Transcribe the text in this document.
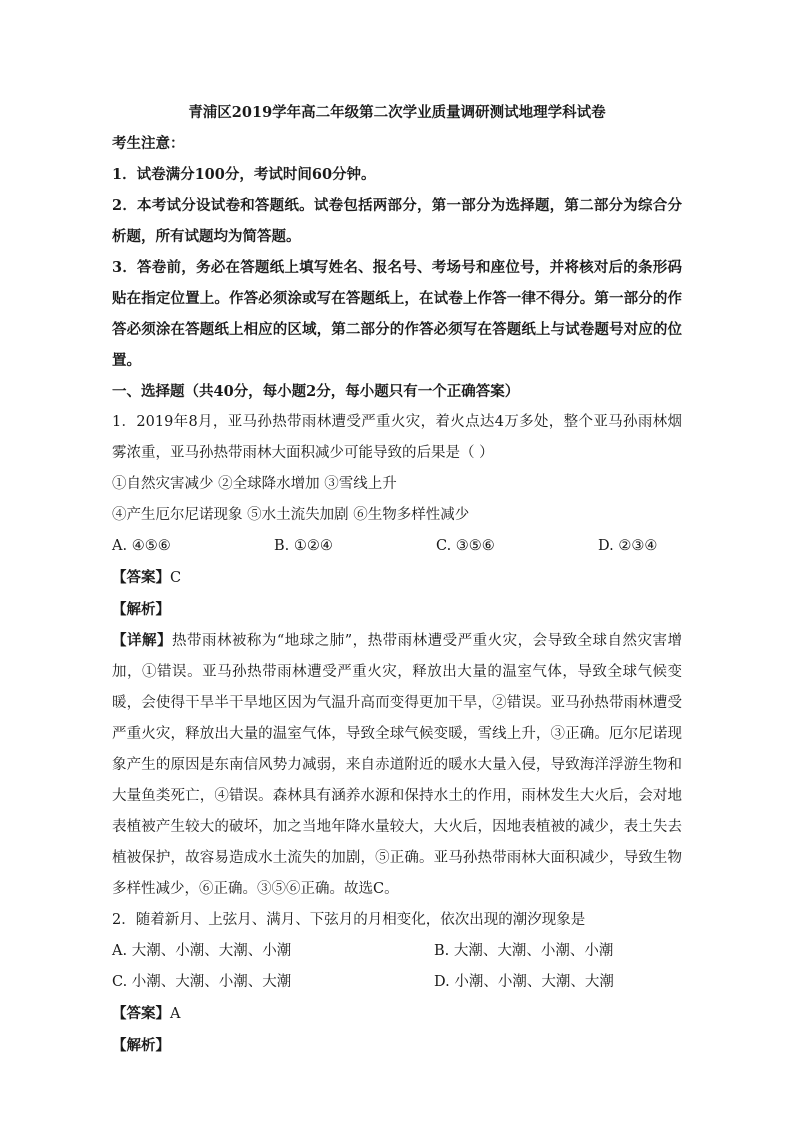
青浦区2019学年高二年级第二次学业质量调研测试地理学科试卷

考生注意：

1．试卷满分100分，考试时间60分钟。

2．本考试分设试卷和答题纸。试卷包括两部分，第一部分为选择题，第二部分为综合分析题，所有试题均为简答题。

3．答卷前，务必在答题纸上填写姓名、报名号、考场号和座位号，并将核对后的条形码贴在指定位置上。作答必须涂或写在答题纸上，在试卷上作答一律不得分。第一部分的作答必须涂在答题纸上相应的区域，第二部分的作答必须写在答题纸上与试卷题号对应的位置。

一、选择题（共40分，每小题2分，每小题只有一个正确答案）

1．2019年8月，亚马孙热带雨林遭受严重火灾，着火点达4万多处，整个亚马孙雨林烟雾浓重，亚马孙热带雨林大面积减少可能导致的后果是（ ）

①自然灾害减少 ②全球降水增加 ③雪线上升

④产生厄尔尼诺现象 ⑤水土流失加剧 ⑥生物多样性减少

A. ④⑤⑥	B. ①②④	C. ③⑤⑥	D. ②③④

【答案】C

【解析】

【详解】热带雨林被称为“地球之肺”，热带雨林遭受严重火灾，会导致全球自然灾害增加，①错误。亚马孙热带雨林遭受严重火灾，释放出大量的温室气体，导致全球气候变暖，会使得干旱半干旱地区因为气温升高而变得更加干旱，②错误。亚马孙热带雨林遭受严重火灾，释放出大量的温室气体，导致全球气候变暖，雪线上升，③正确。厄尔尼诺现象产生的原因是东南信风势力减弱，来自赤道附近的暖水大量入侵，导致海洋浮游生物和大量鱼类死亡，④错误。森林具有涵养水源和保持水土的作用，雨林发生大火后，会对地表植被产生较大的破坏，加之当地年降水量较大，大火后，因地表植被的减少，表土失去植被保护，故容易造成水土流失的加剧，⑤正确。亚马孙热带雨林大面积减少，导致生物多样性减少，⑥正确。③⑤⑥正确。故选C。

2．随着新月、上弦月、满月、下弦月的月相变化，依次出现的潮汐现象是

A. 大潮、小潮、大潮、小潮	B. 大潮、大潮、小潮、小潮
C. 小潮、大潮、小潮、大潮	D. 小潮、小潮、大潮、大潮

【答案】A

【解析】
